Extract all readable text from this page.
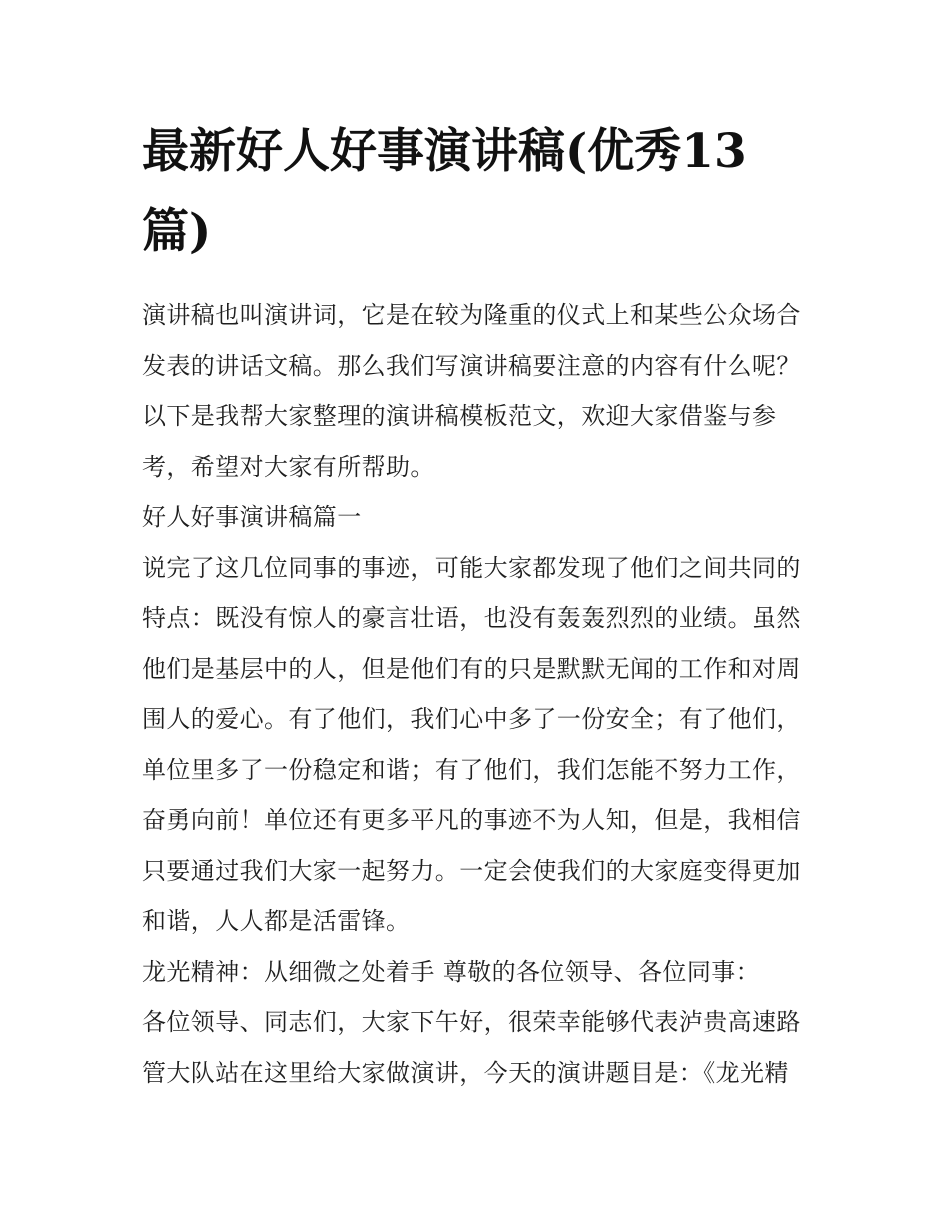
最新好人好事演讲稿(优秀13篇)

演讲稿也叫演讲词，它是在较为隆重的仪式上和某些公众场合发表的讲话文稿。那么我们写演讲稿要注意的内容有什么呢？以下是我帮大家整理的演讲稿模板范文，欢迎大家借鉴与参考，希望对大家有所帮助。

好人好事演讲稿篇一

说完了这几位同事的事迹，可能大家都发现了他们之间共同的特点：既没有惊人的豪言壮语，也没有轰轰烈烈的业绩。虽然他们是基层中的人，但是他们有的只是默默无闻的工作和对周围人的爱心。有了他们，我们心中多了一份安全；有了他们，单位里多了一份稳定和谐；有了他们，我们怎能不努力工作，奋勇向前！单位还有更多平凡的事迹不为人知，但是，我相信只要通过我们大家一起努力。一定会使我们的大家庭变得更加和谐，人人都是活雷锋。

龙光精神：从细微之处着手 尊敬的各位领导、各位同事：

各位领导、同志们，大家下午好，很荣幸能够代表泸贵高速路管大队站在这里给大家做演讲，今天的演讲题目是：《龙光精
